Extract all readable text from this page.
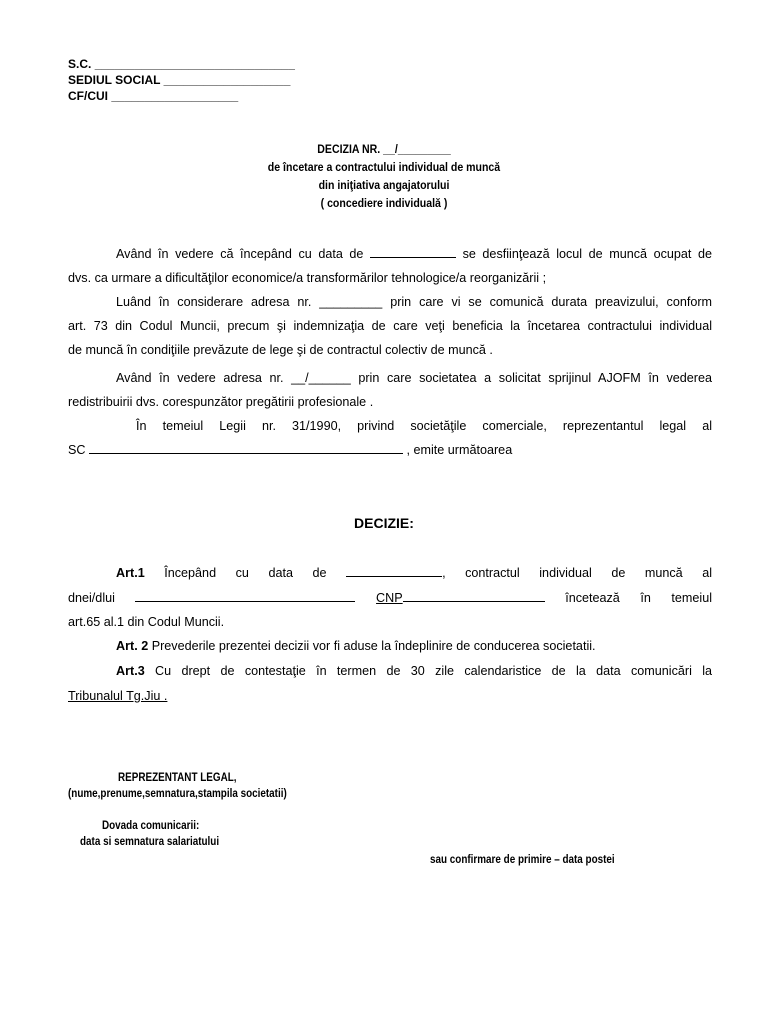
S.C. ______________________________
SEDIUL SOCIAL ___________________
CF/CUI ___________________
DECIZIA NR. __/_________
de încetare a contractului individual de muncă
din iniţiativa angajatorului
( concediere individuală )
Având în vedere că începând cu data de	se desfiinţează locul de muncă ocupat de
dvs. ca urmare a dificultăţilor economice/a transformărilor tehnologice/a reorganizării ;
Luând în considerare adresa nr. _________ prin care vi se comunică durata preavizului, conform
art. 73 din Codul Muncii, precum şi indemnizaţia de care veţi beneficia la încetarea contractului individual
de muncă în condiţiile prevăzute de lege şi de contractul colectiv de muncă .
Având în vedere adresa nr. __/______ prin care societatea a solicitat sprijinul AJOFM în vederea
redistribuirii dvs. corespunzător pregătirii profesionale .
În temeiul Legii nr. 31/1990, privind societăţile comerciale, reprezentantul legal al
SC	, emite următoarea
DECIZIE:
Art.1 Începând cu data de	, contractul individual de muncă al
dnei/dlui	CNP	încetează în temeiul
art.65 al.1 din Codul Muncii.
Art. 2 Prevederile prezentei decizii vor fi aduse la îndeplinire de conducerea societatii.
Art.3 Cu drept de contestaţie în termen de 30 zile calendaristice de la data comunicări la
Tribunalul Tg.Jiu .
REPREZENTANT LEGAL,
(nume,prenume,semnatura,stampila societatii)
Dovada comunicarii:
data si semnatura salariatului
sau confirmare de primire – data postei
